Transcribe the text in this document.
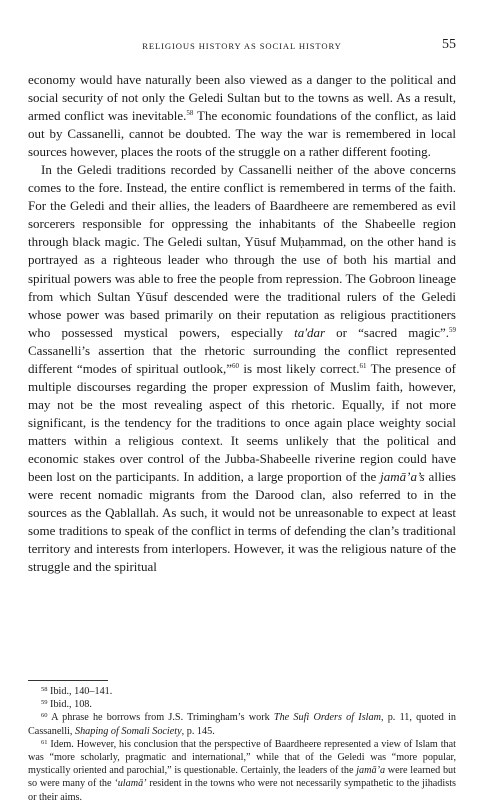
RELIGIOUS HISTORY AS SOCIAL HISTORY	55

economy would have naturally been also viewed as a danger to the political and social security of not only the Geledi Sultan but to the towns as well. As a result, armed conflict was inevitable.$^{58}$ The economic foundations of the conflict, as laid out by Cassanelli, cannot be doubted. The way the war is remembered in local sources however, places the roots of the struggle on a rather different footing.

In the Geledi traditions recorded by Cassanelli neither of the above concerns comes to the fore. Instead, the entire conflict is remembered in terms of the faith. For the Geledi and their allies, the leaders of Baardheere are remembered as evil sorcerers responsible for oppressing the inhabitants of the Shabeelle region through black magic. The Geledi sultan, Yūsuf Muḥammad, on the other hand is portrayed as a righteous leader who through the use of both his martial and spiritual powers was able to free the people from repression. The Gobroon lineage from which Sultan Yūsuf descended were the traditional rulers of the Geledi whose power was based primarily on their reputation as religious practitioners who possessed mystical powers, especially ta'dar or “sacred magic”.$^{59}$ Cassanelli’s assertion that the rhetoric surrounding the conflict represented different “modes of spiritual outlook,”$^{60}$ is most likely correct.$^{61}$ The presence of multiple discourses regarding the proper expression of Muslim faith, however, may not be the most revealing aspect of this rhetoric. Equally, if not more significant, is the tendency for the traditions to once again place weighty social matters within a religious context. It seems unlikely that the political and economic stakes over control of the Jubba-Shabeelle riverine region could have been lost on the participants. In addition, a large proportion of the jamā’a’s allies were recent nomadic migrants from the Darood clan, also referred to in the sources as the Qablallah. As such, it would not be unreasonable to expect at least some traditions to speak of the conflict in terms of defending the clan’s traditional territory and interests from interlopers. However, it was the religious nature of the struggle and the spiritual

$^{58}$ Ibid., 140–141.

$^{59}$ Ibid., 108.

$^{60}$ A phrase he borrows from J.S. Trimingham’s work The Sufi Orders of Islam, p. 11, quoted in Cassanelli, Shaping of Somali Society, p. 145.

$^{61}$ Idem. However, his conclusion that the perspective of Baardheere represented a view of Islam that was “more scholarly, pragmatic and international,” while that of the Geledi was “more popular, mystically oriented and parochial,” is questionable. Certainly, the leaders of the jamā’a were learned but so were many of the ‘ulamā’ resident in the towns who were not necessarily sympathetic to the jihadists or their aims.
